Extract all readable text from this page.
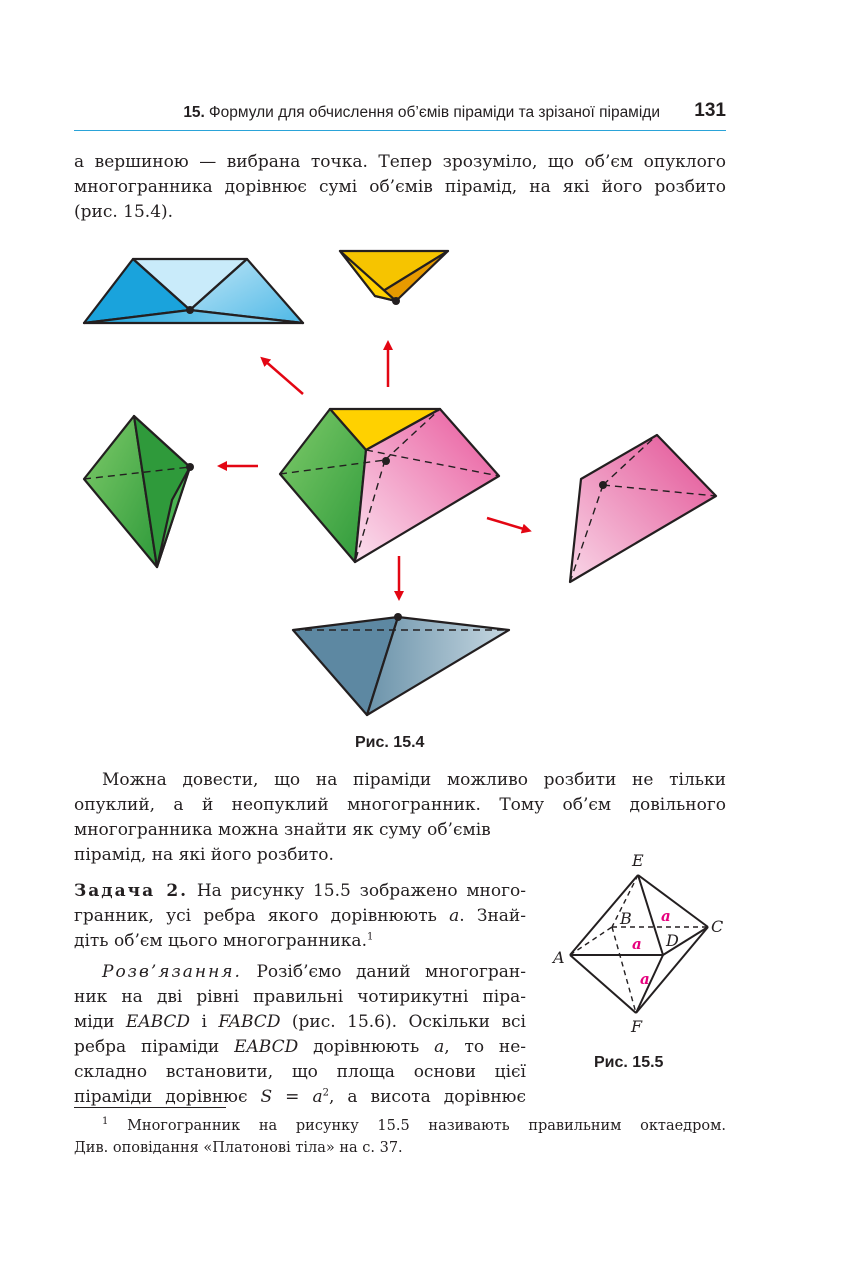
15. Формули для обчислення об’ємів піраміди та зрізаної піраміди 131
а вершиною — вибрана точка. Тепер зрозуміло, що об’єм опуклого
многогранника дорівнює сумі об’ємів пірамід, на які його розбито
(рис. 15.4).
Рис. 15.4
Можна довести, що на піраміди можливо розбити не тільки
опуклий, а й неопуклий многогранник. Тому об’єм довільного
многогранника можна знайти як суму об’ємів
пірамід, на які його розбито.
Задача 2. На рисунку 15.5 зображено много-
гранник, усі ребра якого дорівнюють a. Знай-
діть об’єм цього многогранника.$^1$
Розв’язання. Розіб’ємо даний многогран-
ник на дві рівні правильні чотирикутні піра-
міди EABCD і FABCD (рис. 15.6). Оскільки всі
ребра піраміди EABCD дорівнюють a, то не-
складно встановити, що площа основи цієї
піраміди дорівнює $S = a^2$, а висота дорівнює
E
A
B	C
D
F
a
a
a
Рис. 15.5
$^1$ Многогранник на рисунку 15.5 називають правильним октаедром.
Див. оповідання «Платонові тіла» на с. 37.
